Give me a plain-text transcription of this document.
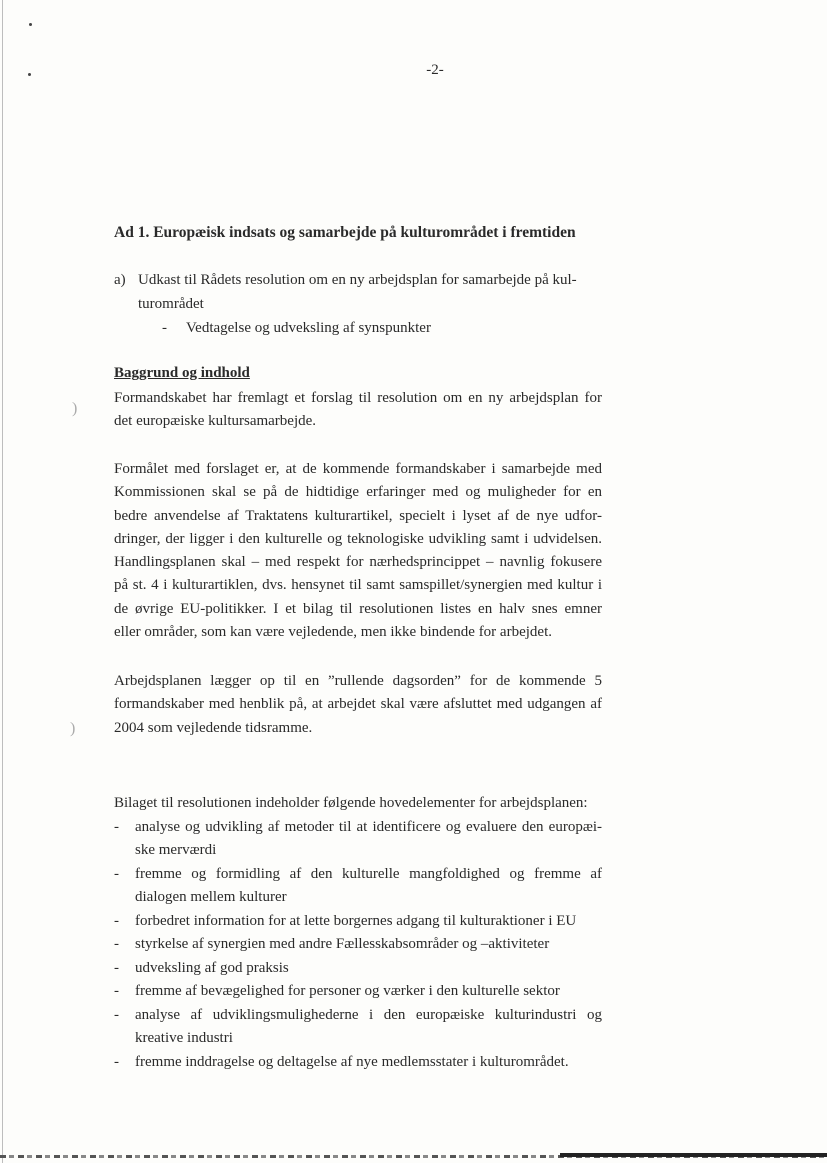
)
)
-2-
Ad 1. Europæisk indsats og samarbejde på kulturområdet i fremtiden
a) Udkast til Rådets resolution om en ny arbejdsplan for samarbejde på kul-
turområdet
- Vedtagelse og udveksling af synspunkter
Baggrund og indhold

Formandskabet har fremlagt et forslag til resolution om en ny arbejdsplan for
det europæiske kultursamarbejde.

Formålet med forslaget er, at de kommende formandskaber i samarbejde med
Kommissionen skal se på de hidtidige erfaringer med og muligheder for en
bedre anvendelse af Traktatens kulturartikel, specielt i lyset af de nye udfor-
dringer, der ligger i den kulturelle og teknologiske udvikling samt i udvidelsen.
Handlingsplanen skal – med respekt for nærhedsprincippet – navnlig fokusere
på st. 4 i kulturartiklen, dvs. hensynet til samt samspillet/synergien med kultur i
de øvrige EU-politikker. I et bilag til resolutionen listes en halv snes emner
eller områder, som kan være vejledende, men ikke bindende for arbejdet.

Arbejdsplanen lægger op til en ”rullende dagsorden” for de kommende 5
formandskaber med henblik på, at arbejdet skal være afsluttet med udgangen af
2004 som vejledende tidsramme.

Bilaget til resolutionen indeholder følgende hovedelementer for arbejdsplanen:
- analyse og udvikling af metoder til at identificere og evaluere den europæi-
ske merværdi
- fremme og formidling af den kulturelle mangfoldighed og fremme af
dialogen mellem kulturer
- forbedret information for at lette borgernes adgang til kulturaktioner i EU
- styrkelse af synergien med andre Fællesskabsområder og –aktiviteter
- udveksling af god praksis
- fremme af bevægelighed for personer og værker i den kulturelle sektor
- analyse af udviklingsmulighederne i den europæiske kulturindustri og
kreative industri
- fremme inddragelse og deltagelse af nye medlemsstater i kulturområdet.
